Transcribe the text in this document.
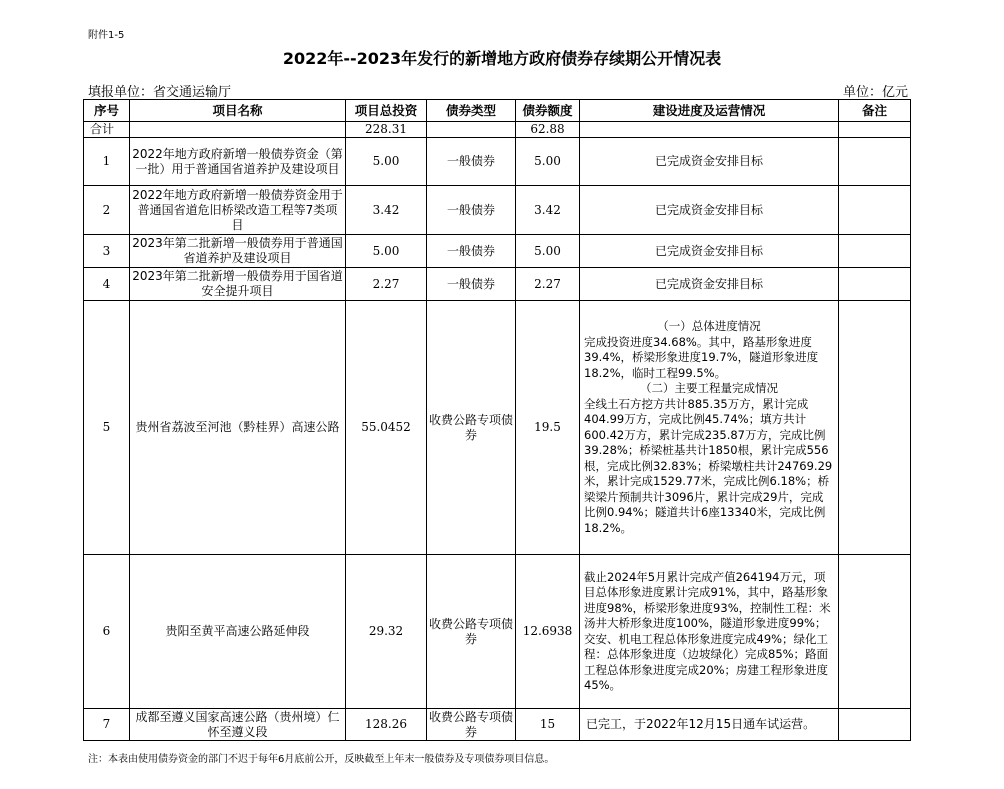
附件1-5
2022年--2023年发行的新增地方政府债券存续期公开情况表
填报单位：省交通运输厅	单位：亿元
序号	项目名称	项目总投资	债券类型	债券额度	建设进度及运营情况	备注
合计		228.31		62.88		
1	2022年地方政府新增一般债券资金（第一批）用于普通国省道养护及建设项目	5.00	一般债券	5.00	已完成资金安排目标	
2	2022年地方政府新增一般债券资金用于普通国省道危旧桥梁改造工程等7类项目	3.42	一般债券	3.42	已完成资金安排目标	
3	2023年第二批新增一般债券用于普通国省道养护及建设项目	5.00	一般债券	5.00	已完成资金安排目标	
4	2023年第二批新增一般债券用于国省道安全提升项目	2.27	一般债券	2.27	已完成资金安排目标	
5	贵州省荔波至河池（黔桂界）高速公路	55.0452	收费公路专项债券	19.5	（一）总体进度情况
完成投资进度34.68%。其中，路基形象进度39.4%，桥梁形象进度19.7%，隧道形象进度18.2%，临时工程99.5%。
（二）主要工程量完成情况
全线土石方挖方共计885.35万方，累计完成404.99万方，完成比例45.74%；填方共计600.42万方，累计完成235.87万方，完成比例39.28%；桥梁桩基共计1850根，累计完成556根，完成比例32.83%；桥梁墩柱共计24769.29米，累计完成1529.77米，完成比例6.18%；桥梁梁片预制共计3096片，累计完成29片，完成比例0.94%；隧道共计6座13340米，完成比例18.2%。	
6	贵阳至黄平高速公路延伸段	29.32	收费公路专项债券	12.6938	截止2024年5月累计完成产值264194万元，项目总体形象进度累计完成91%，其中，路基形象进度98%，桥梁形象进度93%，控制性工程：米汤井大桥形象进度100%，隧道形象进度99%；交安、机电工程总体形象进度完成49%；绿化工程：总体形象进度（边坡绿化）完成85%；路面工程总体形象进度完成20%；房建工程形象进度45%。	
7	成都至遵义国家高速公路（贵州境）仁怀至遵义段	128.26	收费公路专项债券	15	已完工，于2022年12月15日通车试运营。	
注：本表由使用债券资金的部门不迟于每年6月底前公开，反映截至上年末一般债券及专项债券项目信息。
